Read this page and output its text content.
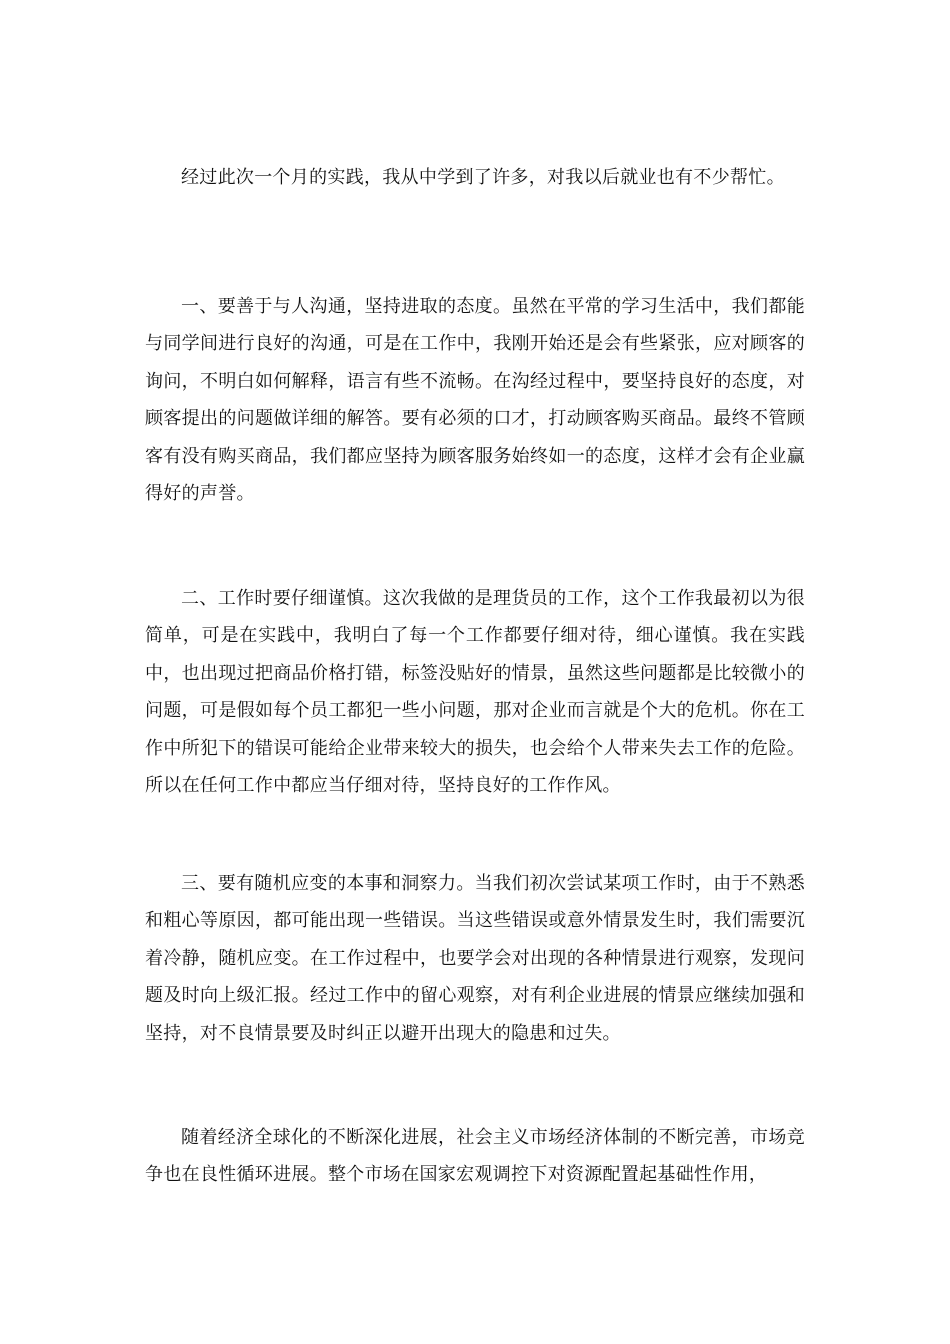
经过此次一个月的实践，我从中学到了许多，对我以后就业也有不少帮忙。

一、要善于与人沟通，坚持进取的态度。虽然在平常的学习生活中，我们都能与同学间进行良好的沟通，可是在工作中，我刚开始还是会有些紧张，应对顾客的询问，不明白如何解释，语言有些不流畅。在沟经过程中，要坚持良好的态度，对顾客提出的问题做详细的解答。要有必须的口才，打动顾客购买商品。最终不管顾客有没有购买商品，我们都应坚持为顾客服务始终如一的态度，这样才会有企业赢得好的声誉。

二、工作时要仔细谨慎。这次我做的是理货员的工作，这个工作我最初以为很简单，可是在实践中，我明白了每一个工作都要仔细对待，细心谨慎。我在实践中，也出现过把商品价格打错，标签没贴好的情景，虽然这些问题都是比较微小的问题，可是假如每个员工都犯一些小问题，那对企业而言就是个大的危机。你在工作中所犯下的错误可能给企业带来较大的损失，也会给个人带来失去工作的危险。所以在任何工作中都应当仔细对待，坚持良好的工作作风。

三、要有随机应变的本事和洞察力。当我们初次尝试某项工作时，由于不熟悉和粗心等原因，都可能出现一些错误。当这些错误或意外情景发生时，我们需要沉着冷静，随机应变。在工作过程中，也要学会对出现的各种情景进行观察，发现问题及时向上级汇报。经过工作中的留心观察，对有利企业进展的情景应继续加强和坚持，对不良情景要及时纠正以避开出现大的隐患和过失。

随着经济全球化的不断深化进展，社会主义市场经济体制的不断完善，市场竞争也在良性循环进展。整个市场在国家宏观调控下对资源配置起基础性作用，
